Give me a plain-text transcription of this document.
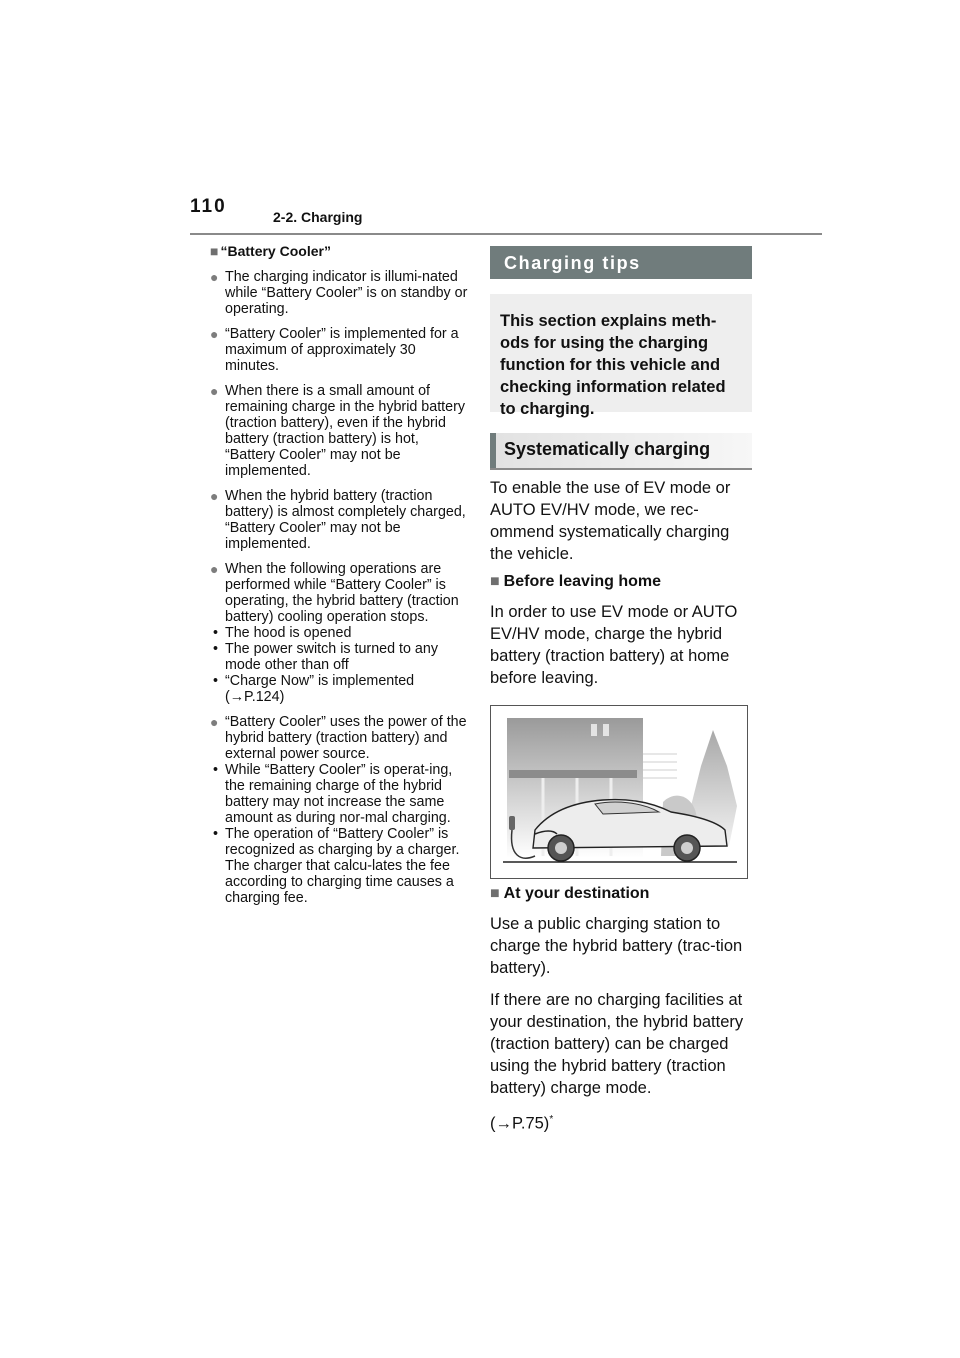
110	2-2. Charging
■ “Battery Cooler”
● The charging indicator is illumi-nated while “Battery Cooler” is on standby or operating.
● “Battery Cooler” is implemented for a maximum of approximately 30 minutes.
● When there is a small amount of remaining charge in the hybrid battery (traction battery), even if the hybrid battery (traction battery) is hot, “Battery Cooler” may not be implemented.
● When the hybrid battery (traction battery) is almost completely charged, “Battery Cooler” may not be implemented.
● When the following operations are performed while “Battery Cooler” is operating, the hybrid battery (traction battery) cooling operation stops.
• The hood is opened
• The power switch is turned to any mode other than off
• “Charge Now” is implemented (→P.124)
● “Battery Cooler” uses the power of the hybrid battery (traction battery) and external power source.
• While “Battery Cooler” is operat-ing, the remaining charge of the hybrid battery may not increase the same amount as during nor-mal charging.
• The operation of “Battery Cooler” is recognized as charging by a charger. The charger that calcu-lates the fee according to charging time causes a charging fee.
Charging tips
This section explains meth-ods for using the charging function for this vehicle and checking information related to charging.
Systematically charging
To enable the use of EV mode or AUTO EV/HV mode, we rec-ommend systematically charging the vehicle.
■ Before leaving home
In order to use EV mode or AUTO EV/HV mode, charge the hybrid battery (traction battery) at home before leaving.
■ At your destination
Use a public charging station to charge the hybrid battery (trac-tion battery).
If there are no charging facilities at your destination, the hybrid battery (traction battery) can be charged using the hybrid battery (traction battery) charge mode.
(→P.75)*
